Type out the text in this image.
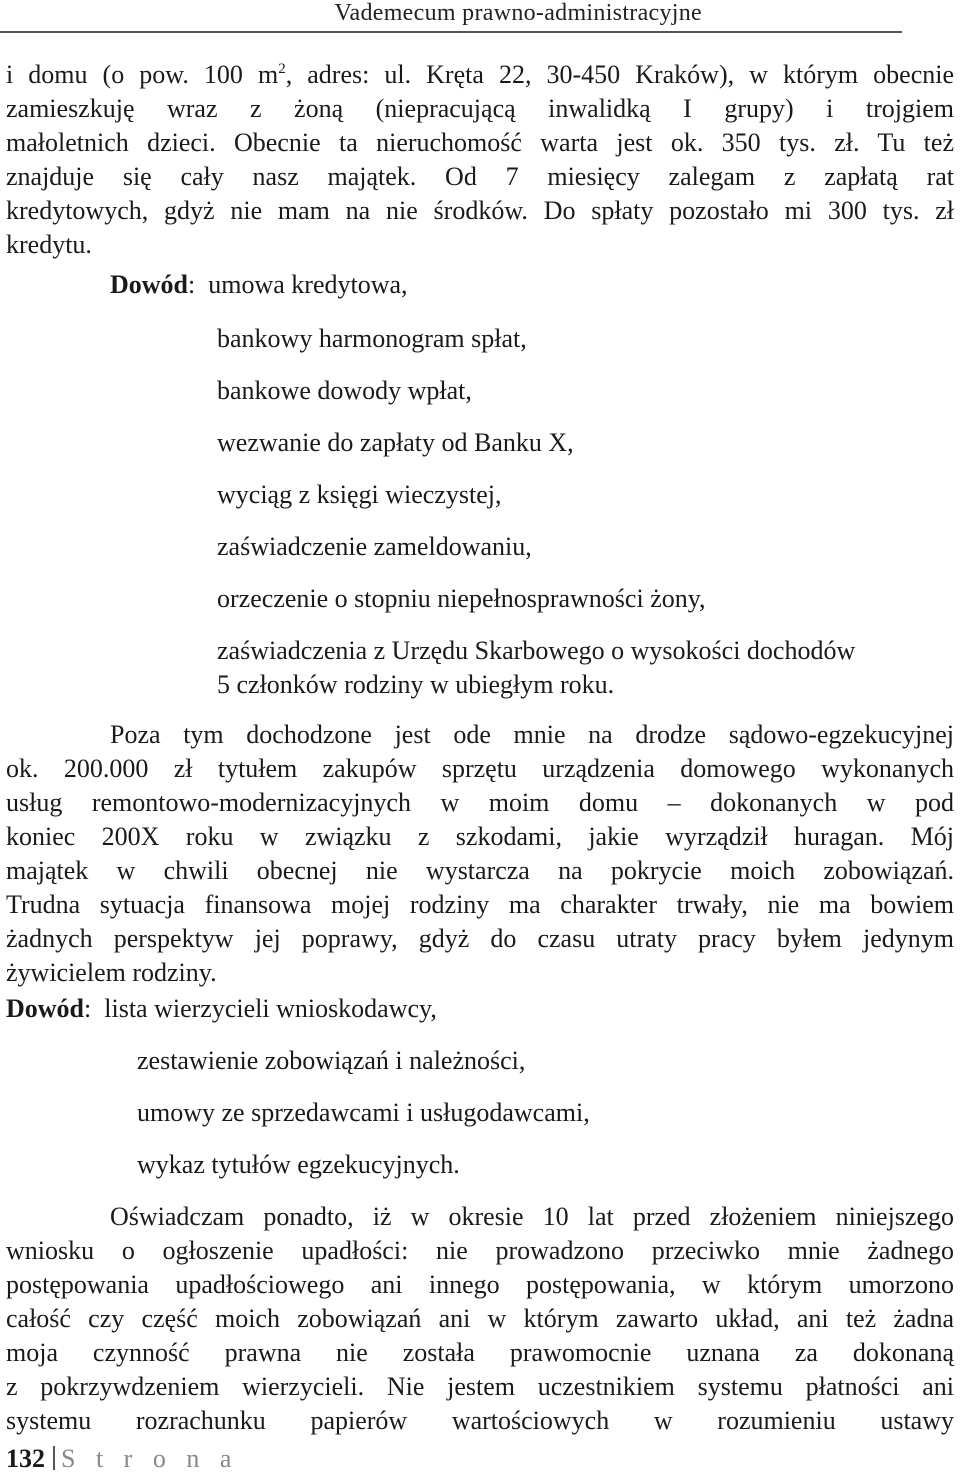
Vademecum prawno-administracyjne
i domu (o pow. 100 $m^2$, adres: ul. Kręta 22, 30-450 Kraków), w którym obecnie
zamieszkuję wraz z żoną (niepracującą inwalidką I grupy) i trojgiem
małoletnich dzieci. Obecnie ta nieruchomość warta jest ok. 350 tys. zł. Tu też
znajduje się cały nasz majątek. Od 7 miesięcy zalegam z zapłatą rat
kredytowych, gdyż nie mam na nie środków. Do spłaty pozostało mi 300 tys. zł
kredytu.
Dowód:  umowa kredytowa,
bankowy harmonogram spłat,
bankowe dowody wpłat,
wezwanie do zapłaty od Banku X,
wyciąg z księgi wieczystej,
zaświadczenie zameldowaniu,
orzeczenie o stopniu niepełnosprawności żony,
zaświadczenia z Urzędu Skarbowego o wysokości dochodów
5 członków rodziny w ubiegłym roku.
Poza tym dochodzone jest ode mnie na drodze sądowo-egzekucyjnej
ok. 200.000 zł tytułem zakupów sprzętu urządzenia domowego wykonanych
usług remontowo-modernizacyjnych w moim domu – dokonanych w pod
koniec 200X roku w związku z szkodami, jakie wyrządził huragan. Mój
majątek w chwili obecnej nie wystarcza na pokrycie moich zobowiązań.
Trudna sytuacja finansowa mojej rodziny ma charakter trwały, nie ma bowiem
żadnych perspektyw jej poprawy, gdyż do czasu utraty pracy byłem jedynym
żywicielem rodziny.
Dowód:  lista wierzycieli wnioskodawcy,
zestawienie zobowiązań i należności,
umowy ze sprzedawcami i usługodawcami,
wykaz tytułów egzekucyjnych.
Oświadczam ponadto, iż w okresie 10 lat przed złożeniem niniejszego
wniosku o ogłoszenie upadłości: nie prowadzono przeciwko mnie żadnego
postępowania upadłościowego ani innego postępowania, w którym umorzono
całość czy część moich zobowiązań ani w którym zawarto układ, ani też żadna
moja czynność prawna nie została prawomocnie uznana za dokonaną
z pokrzywdzeniem wierzycieli. Nie jestem uczestnikiem systemu płatności ani
systemu rozrachunku papierów wartościowych w rozumieniu ustawy
132 S t r o n a
